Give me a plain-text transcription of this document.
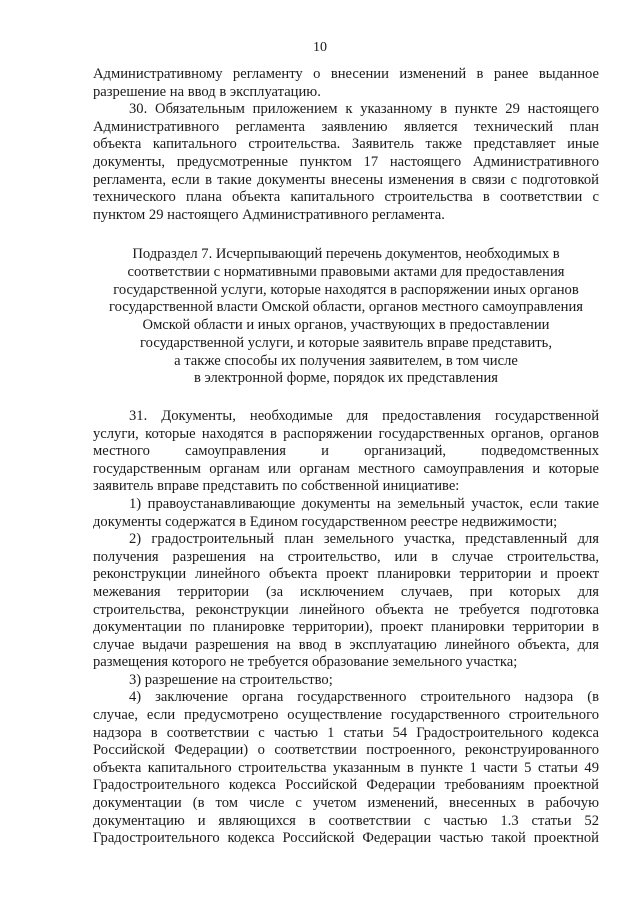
10
Административному регламенту о внесении изменений в ранее выданное
разрешение на ввод в эксплуатацию.
30. Обязательным приложением к указанному в пункте 29 настоящего
Административного регламента заявлению является технический план
объекта капитального строительства. Заявитель также представляет иные
документы, предусмотренные пунктом 17 настоящего Административного
регламента, если в такие документы внесены изменения в связи с подготовкой
технического плана объекта капитального строительства в соответствии с
пунктом 29 настоящего Административного регламента.
Подраздел 7. Исчерпывающий перечень документов, необходимых в
соответствии с нормативными правовыми актами для предоставления
государственной услуги, которые находятся в распоряжении иных органов
государственной власти Омской области, органов местного самоуправления
Омской области и иных органов, участвующих в предоставлении
государственной услуги, и которые заявитель вправе представить,
а также способы их получения заявителем, в том числе
в электронной форме, порядок их представления
31. Документы, необходимые для предоставления государственной
услуги, которые находятся в распоряжении государственных органов, органов
местного самоуправления и организаций, подведомственных
государственным органам или органам местного самоуправления и которые
заявитель вправе представить по собственной инициативе:
1) правоустанавливающие документы на земельный участок, если такие
документы содержатся в Едином государственном реестре недвижимости;
2) градостроительный план земельного участка, представленный для
получения разрешения на строительство, или в случае строительства,
реконструкции линейного объекта проект планировки территории и проект
межевания территории (за исключением случаев, при которых для
строительства, реконструкции линейного объекта не требуется подготовка
документации по планировке территории), проект планировки территории в
случае выдачи разрешения на ввод в эксплуатацию линейного объекта, для
размещения которого не требуется образование земельного участка;
3) разрешение на строительство;
4) заключение органа государственного строительного надзора (в
случае, если предусмотрено осуществление государственного строительного
надзора в соответствии с частью 1 статьи 54 Градостроительного кодекса
Российской Федерации) о соответствии построенного, реконструированного
объекта капитального строительства указанным в пункте 1 части 5 статьи 49
Градостроительного кодекса Российской Федерации требованиям проектной
документации (в том числе с учетом изменений, внесенных в рабочую
документацию и являющихся в соответствии с частью 1.3 статьи 52
Градостроительного кодекса Российской Федерации частью такой проектной
